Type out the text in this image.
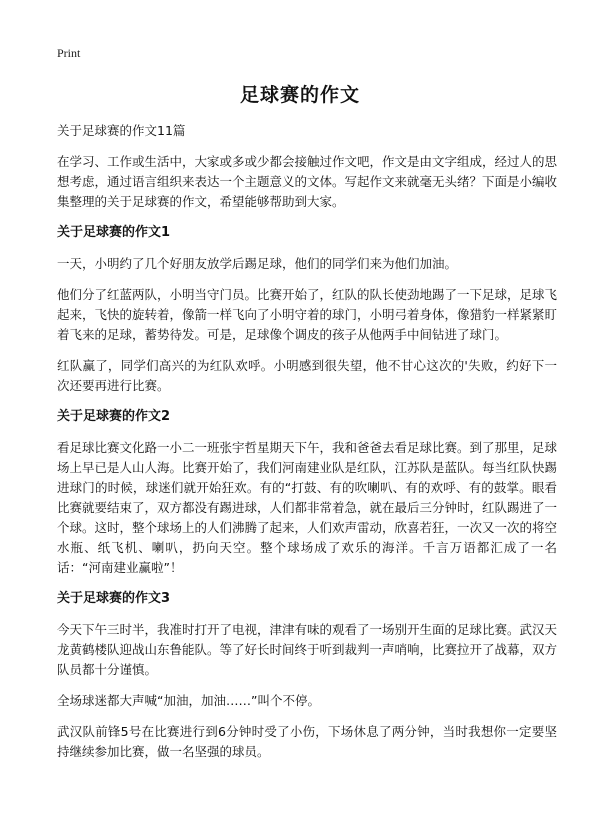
Print
足球赛的作文

关于足球赛的作文11篇

在学习、工作或生活中，大家或多或少都会接触过作文吧，作文是由文字组成，经过人的思想考虑，通过语言组织来表达一个主题意义的文体。写起作文来就毫无头绪？下面是小编收集整理的关于足球赛的作文，希望能够帮助到大家。

关于足球赛的作文1

一天，小明约了几个好朋友放学后踢足球，他们的同学们来为他们加油。

他们分了红蓝两队，小明当守门员。比赛开始了，红队的队长使劲地踢了一下足球，足球飞起来，飞快的旋转着，像箭一样飞向了小明守着的球门，小明弓着身体，像猎豹一样紧紧盯着飞来的足球，蓄势待发。可是，足球像个调皮的孩子从他两手中间钻进了球门。

红队赢了，同学们高兴的为红队欢呼。小明感到很失望，他不甘心这次的'失败，约好下一次还要再进行比赛。

关于足球赛的作文2

看足球比赛文化路一小二一班张宇哲星期天下午，我和爸爸去看足球比赛。到了那里，足球场上早已是人山人海。比赛开始了，我们河南建业队是红队，江苏队是蓝队。每当红队快踢进球门的时候，球迷们就开始狂欢。有的“打鼓、有的吹喇叭、有的欢呼、有的鼓掌。眼看比赛就要结束了，双方都没有踢进球，人们都非常着急，就在最后三分钟时，红队踢进了一个球。这时，整个球场上的人们沸腾了起来，人们欢声雷动，欣喜若狂，一次又一次的将空水瓶、纸飞机、喇叭，扔向天空。整个球场成了欢乐的海洋。千言万语都汇成了一名话：“河南建业赢啦”！

关于足球赛的作文3

今天下午三时半，我准时打开了电视，津津有味的观看了一场别开生面的足球比赛。武汉天龙黄鹤楼队迎战山东鲁能队。等了好长时间终于听到裁判一声哨响，比赛拉开了战幕，双方队员都十分谨慎。

全场球迷都大声喊“加油，加油……”叫个不停。

武汉队前锋5号在比赛进行到6分钟时受了小伤，下场休息了两分钟，当时我想你一定要坚持继续参加比赛，做一名坚强的球员。
